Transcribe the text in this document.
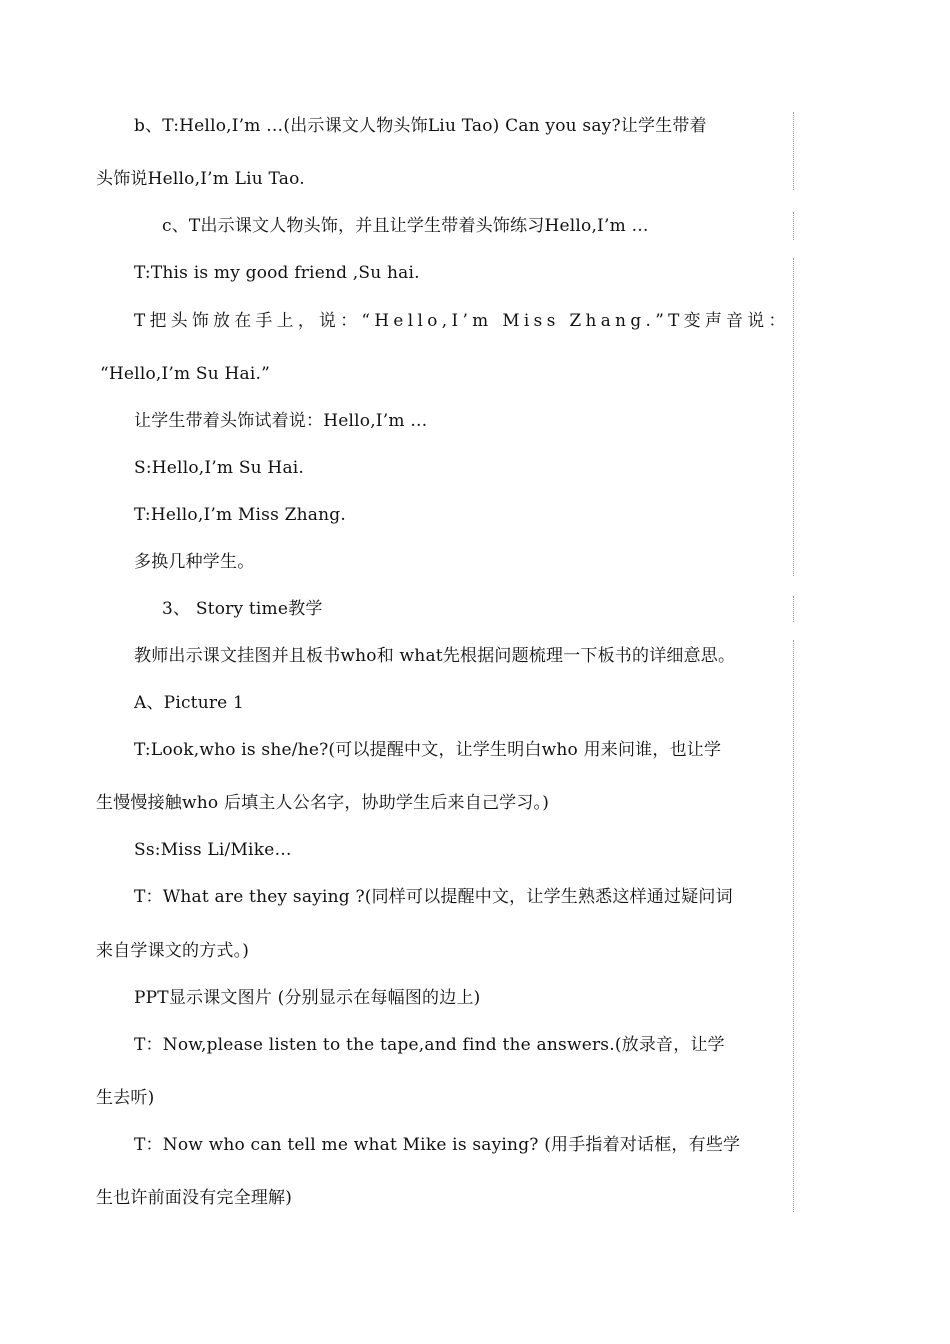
b、T:Hello,I’m …(出示课文人物头饰Liu Tao) Can you say?让学生带着
头饰说Hello,I’m Liu Tao.
c、T出示课文人物头饰，并且让学生带着头饰练习Hello,I’m …
T:This is my good friend ,Su hai.
T把头饰放在手上，说：“Hello,I’m Miss Zhang.”T变声音说：
“Hello,I’m Su Hai.”
让学生带着头饰试着说：Hello,I’m …
S:Hello,I’m Su Hai.
T:Hello,I’m Miss Zhang.
多换几种学生。
3、 Story time教学
教师出示课文挂图并且板书who和 what先根据问题梳理一下板书的详细意思。
A、Picture 1
T:Look,who is she/he?(可以提醒中文，让学生明白who 用来问谁，也让学
生慢慢接触who 后填主人公名字，协助学生后来自己学习。)
Ss:Miss Li/Mike…
T：What are they saying ?(同样可以提醒中文，让学生熟悉这样通过疑问词
来自学课文的方式。)
PPT显示课文图片 (分别显示在每幅图的边上)
T：Now,please listen to the tape,and find the answers.(放录音，让学
生去听)
T：Now who can tell me what Mike is saying? (用手指着对话框，有些学
生也许前面没有完全理解)
